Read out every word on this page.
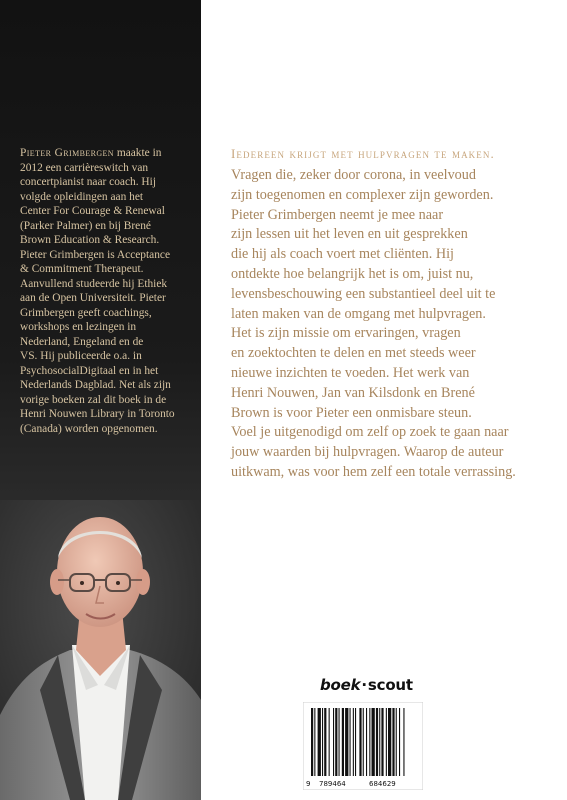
Pieter Grimbergen maakte in
2012 een carrièreswitch van
concertpianist naar coach. Hij
volgde opleidingen aan het
Center For Courage & Renewal
(Parker Palmer) en bij Brené
Brown Education & Research.
Pieter Grimbergen is Acceptance
& Commitment Therapeut.
Aanvullend studeerde hij Ethiek
aan de Open Universiteit. Pieter
Grimbergen geeft coachings,
workshops en lezingen in
Nederland, Engeland en de
VS. Hij publiceerde o.a. in
PsychosocialDigitaal en in het
Nederlands Dagblad. Net als zijn
vorige boeken zal dit boek in de
Henri Nouwen Library in Toronto
(Canada) worden opgenomen.

Iedereen krijgt met hulpvragen te maken.

Vragen die, zeker door corona, in veelvoud
zijn toegenomen en complexer zijn geworden.
Pieter Grimbergen neemt je mee naar
zijn lessen uit het leven en uit gesprekken
die hij als coach voert met cliënten. Hij
ontdekte hoe belangrijk het is om, juist nu,
levensbeschouwing een substantieel deel uit te
laten maken van de omgang met hulpvragen.
Het is zijn missie om ervaringen, vragen
en zoektochten te delen en met steeds weer
nieuwe inzichten te voeden. Het werk van
Henri Nouwen, Jan van Kilsdonk en Brené
Brown is voor Pieter een onmisbare steun.
Voel je uitgenodigd om zelf op zoek te gaan naar
jouw waarden bij hulpvragen. Waarop de auteur
uitkwam, was voor hem zelf een totale verrassing.

boek·scout
9 789464	684629
